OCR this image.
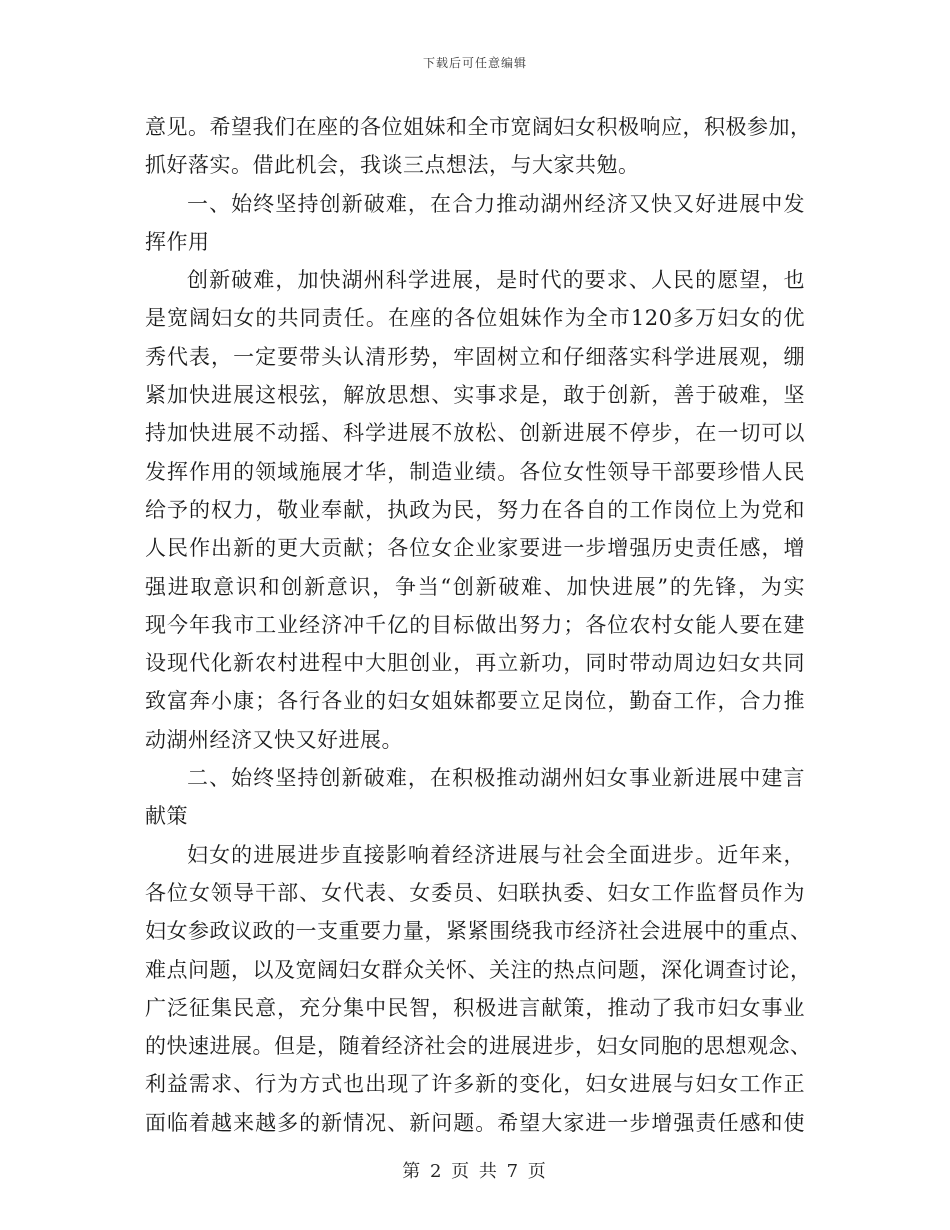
下载后可任意编辑
意见。希望我们在座的各位姐妹和全市宽阔妇女积极响应，积极参加，
抓好落实。借此机会，我谈三点想法，与大家共勉。
一、始终坚持创新破难，在合力推动湖州经济又快又好进展中发
挥作用
创新破难，加快湖州科学进展，是时代的要求、人民的愿望，也
是宽阔妇女的共同责任。在座的各位姐妹作为全市120多万妇女的优
秀代表，一定要带头认清形势，牢固树立和仔细落实科学进展观，绷
紧加快进展这根弦，解放思想、实事求是，敢于创新，善于破难，坚
持加快进展不动摇、科学进展不放松、创新进展不停步，在一切可以
发挥作用的领域施展才华，制造业绩。各位女性领导干部要珍惜人民
给予的权力，敬业奉献，执政为民，努力在各自的工作岗位上为党和
人民作出新的更大贡献；各位女企业家要进一步增强历史责任感，增
强进取意识和创新意识，争当“创新破难、加快进展”的先锋，为实
现今年我市工业经济冲千亿的目标做出努力；各位农村女能人要在建
设现代化新农村进程中大胆创业，再立新功，同时带动周边妇女共同
致富奔小康；各行各业的妇女姐妹都要立足岗位，勤奋工作，合力推
动湖州经济又快又好进展。
二、始终坚持创新破难，在积极推动湖州妇女事业新进展中建言
献策
妇女的进展进步直接影响着经济进展与社会全面进步。近年来，
各位女领导干部、女代表、女委员、妇联执委、妇女工作监督员作为
妇女参政议政的一支重要力量，紧紧围绕我市经济社会进展中的重点、
难点问题，以及宽阔妇女群众关怀、关注的热点问题，深化调查讨论，
广泛征集民意，充分集中民智，积极进言献策，推动了我市妇女事业
的快速进展。但是，随着经济社会的进展进步，妇女同胞的思想观念、
利益需求、行为方式也出现了许多新的变化，妇女进展与妇女工作正
面临着越来越多的新情况、新问题。希望大家进一步增强责任感和使
第 2 页 共 7 页
